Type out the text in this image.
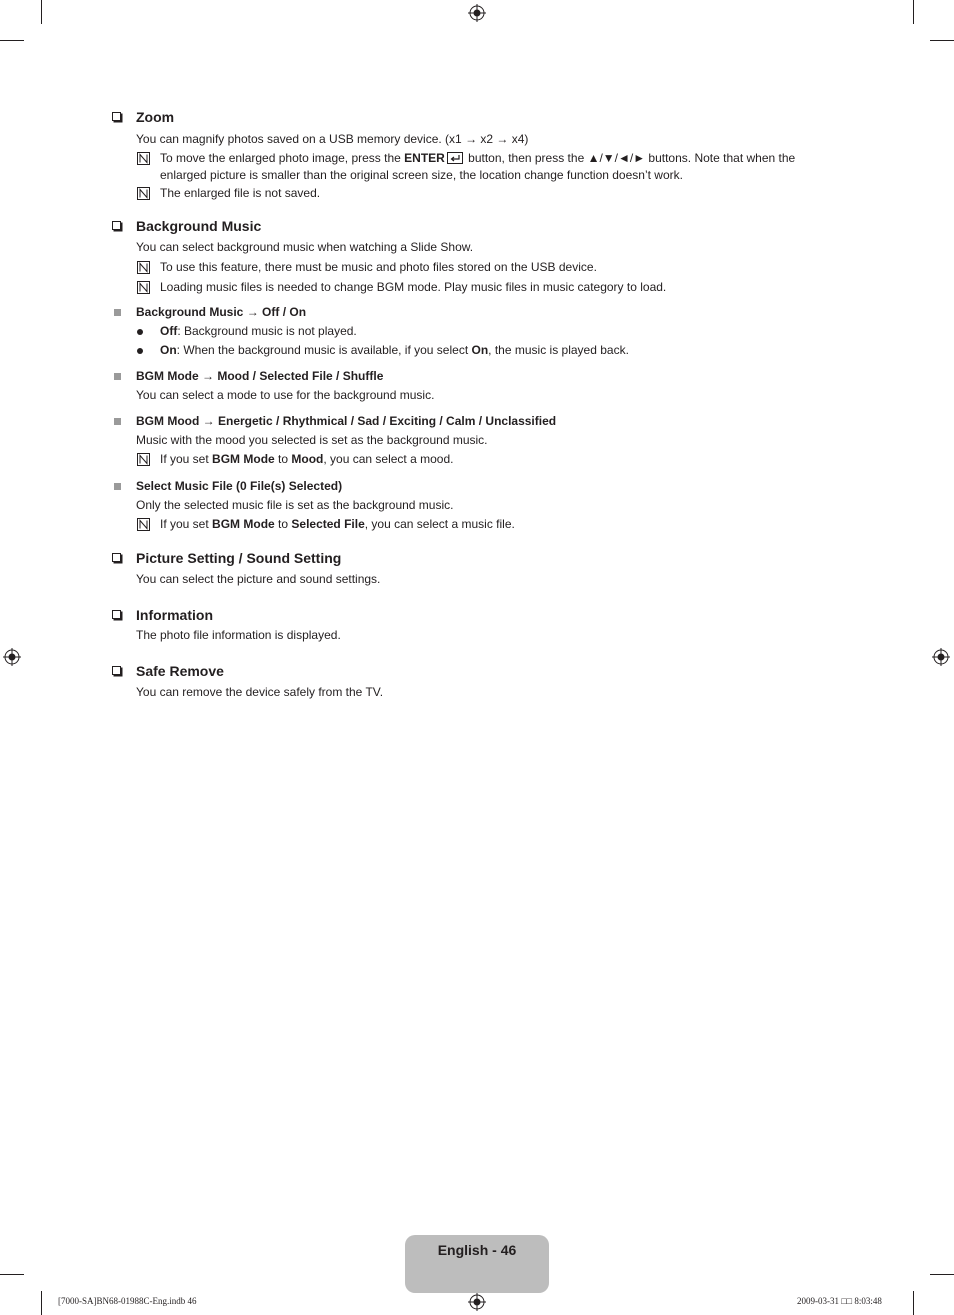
Zoom
You can magnify photos saved on a USB memory device. (x1 → x2 → x4)
To move the enlarged photo image, press the ENTER button, then press the ▲/▼/◄/► buttons. Note that when the
enlarged picture is smaller than the original screen size, the location change function doesn’t work.
The enlarged file is not saved.
Background Music
You can select background music when watching a Slide Show.
To use this feature, there must be music and photo files stored on the USB device.
Loading music files is needed to change BGM mode. Play music files in music category to load.
Background Music → Off / On
Off: Background music is not played.
On: When the background music is available, if you select On, the music is played back.
BGM Mode → Mood / Selected File / Shuffle
You can select a mode to use for the background music.
BGM Mood → Energetic / Rhythmical / Sad / Exciting / Calm / Unclassified
Music with the mood you selected is set as the background music.
If you set BGM Mode to Mood, you can select a mood.
Select Music File (0 File(s) Selected)
Only the selected music file is set as the background music.
If you set BGM Mode to Selected File, you can select a music file.
Picture Setting / Sound Setting
You can select the picture and sound settings.
Information
The photo file information is displayed.
Safe Remove
You can remove the device safely from the TV.
English - 46
[7000-SA]BN68-01988C-Eng.indb 46	2009-03-31 □□ 8:03:48
